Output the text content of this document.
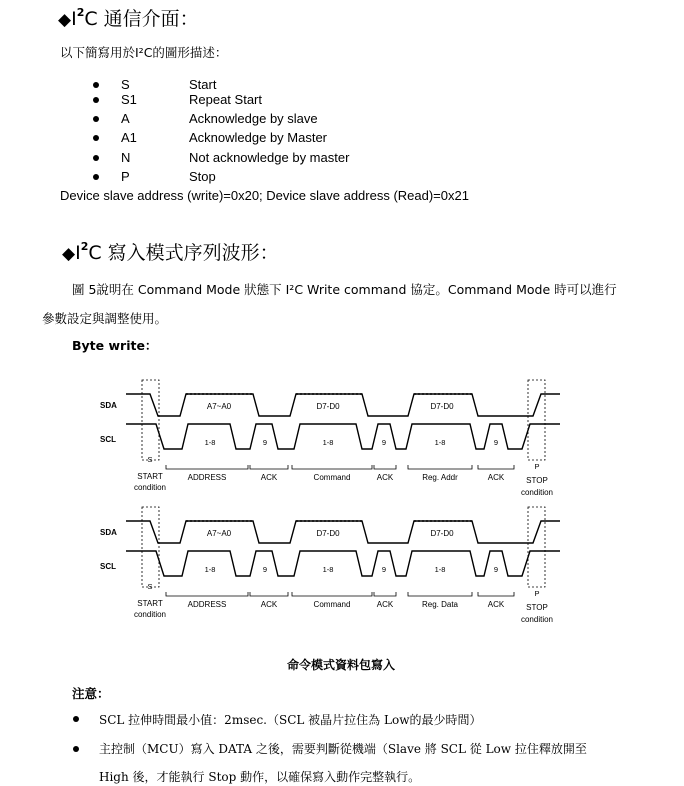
$◆I^2C$ 通信介面：
以下簡寫用於I²C的圖形描述：
S	Start
S1	Repeat Start
A	Acknowledge by slave
A1	Acknowledge by Master
N	Not acknowledge by master
P	Stop
Device slave address (write)=0x20; Device slave address (Read)=0x21
$◆I^2C$ 寫入模式序列波形：
圖 5說明在 Command Mode 狀態下 I²C Write command 協定。Command Mode 時可以進行
參數設定與調整使用。
Byte write：
SDA
SCL
A7~A0	D7-D0	D7-D0
1-8	9	1-8	9	1-8	9
S
START
condition
P
STOP
condition
ADDRESS	ACK	Command	ACK	Reg. Addr	ACK
SDA
SCL
A7~A0	D7-D0	D7-D0
1-8	9	1-8	9	1-8	9
S
START
condition
P
STOP
condition
ADDRESS	ACK	Command	ACK	Reg. Data	ACK
命令模式資料包寫入
注意：
SCL 拉伸時間最小值：2msec.（SCL 被晶片拉住為 Low的最少時間）
主控制（MCU）寫入 DATA 之後，需要判斷從機端（Slave 將 SCL 從 Low 拉住釋放開至
High 後，才能執行 Stop 動作，以確保寫入動作完整執行。
